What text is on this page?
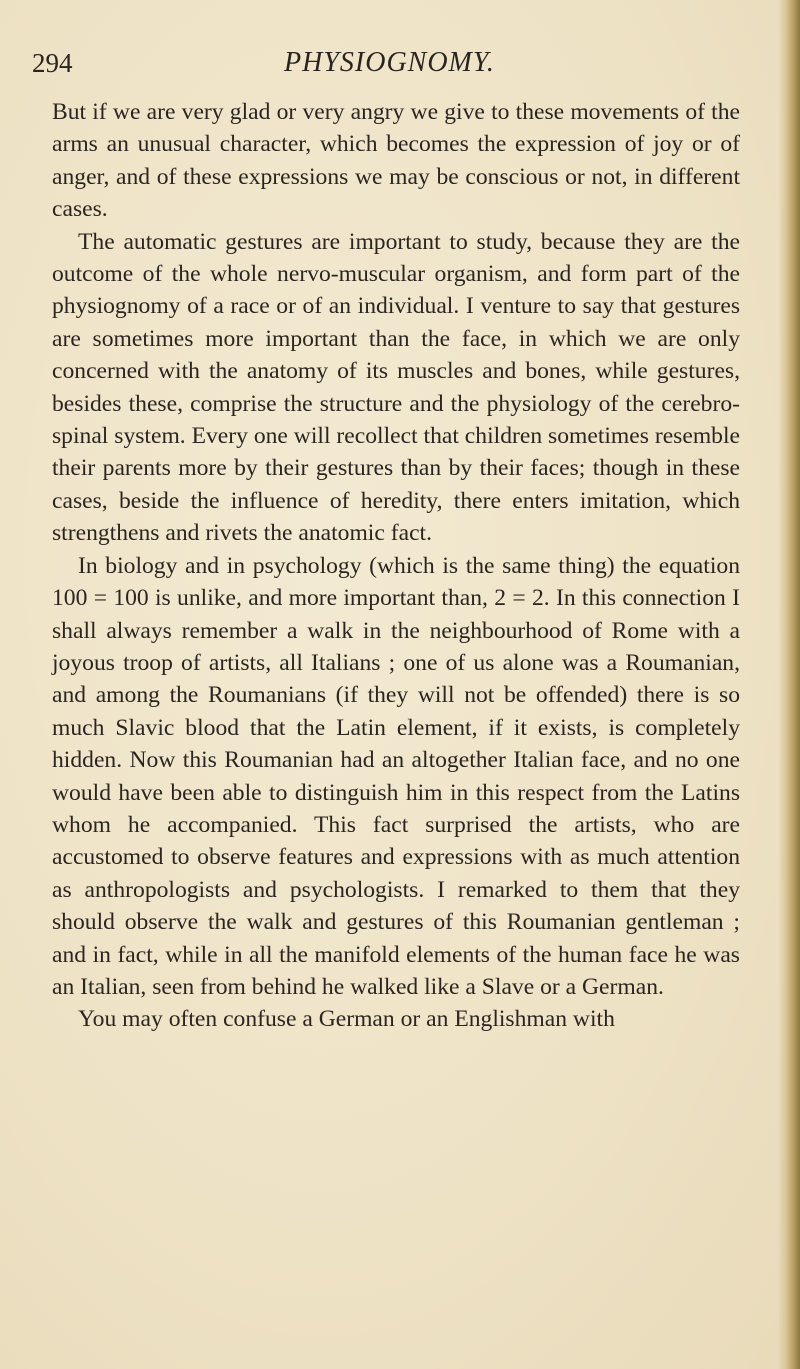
294	PHYSIOGNOMY.

But if we are very glad or very angry we give to these movements of the arms an unusual character, which becomes the expression of joy or of anger, and of these expressions we may be conscious or not, in different cases.

The automatic gestures are important to study, because they are the outcome of the whole nervo-muscular organism, and form part of the physiognomy of a race or of an individual. I venture to say that gestures are sometimes more important than the face, in which we are only concerned with the anatomy of its muscles and bones, while gestures, besides these, comprise the structure and the physiology of the cerebro-spinal system. Every one will recollect that children sometimes resemble their parents more by their gestures than by their faces; though in these cases, beside the influence of heredity, there enters imitation, which strengthens and rivets the anatomic fact.

In biology and in psychology (which is the same thing) the equation 100 = 100 is unlike, and more important than, 2 = 2. In this connection I shall always remember a walk in the neighbourhood of Rome with a joyous troop of artists, all Italians ; one of us alone was a Roumanian, and among the Roumanians (if they will not be offended) there is so much Slavic blood that the Latin element, if it exists, is completely hidden. Now this Roumanian had an altogether Italian face, and no one would have been able to distinguish him in this respect from the Latins whom he accompanied. This fact surprised the artists, who are accustomed to observe features and expressions with as much attention as anthropologists and psychologists. I remarked to them that they should observe the walk and gestures of this Roumanian gentleman ; and in fact, while in all the manifold elements of the human face he was an Italian, seen from behind he walked like a Slave or a German.

You may often confuse a German or an Englishman with
